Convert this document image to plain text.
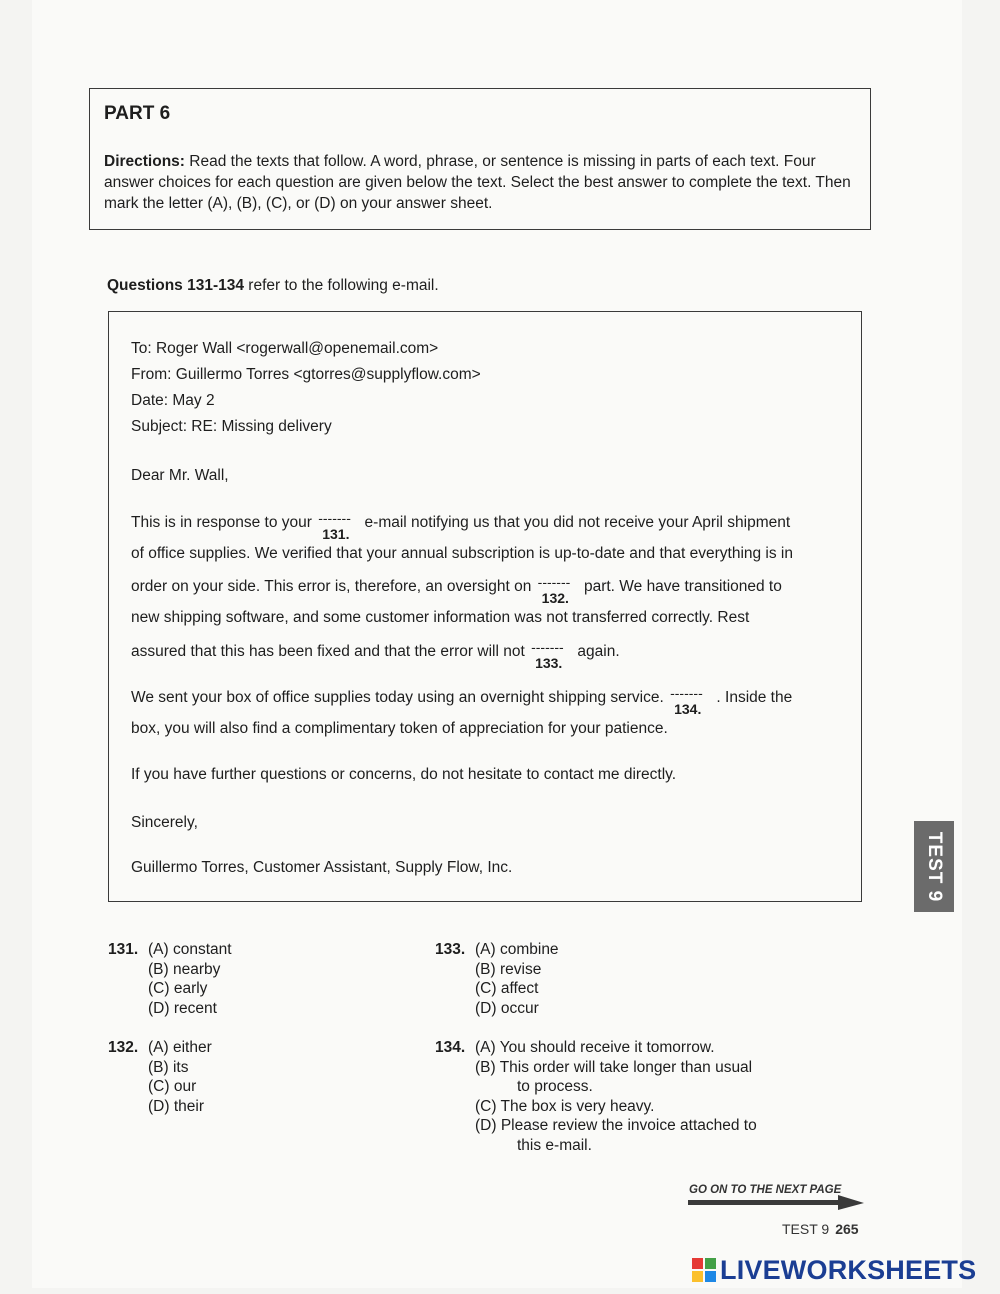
PART 6
Directions: Read the texts that follow. A word, phrase, or sentence is missing in parts of each text. Four answer choices for each question are given below the text. Select the best answer to complete the text. Then mark the letter (A), (B), (C), or (D) on your answer sheet.
Questions 131-134 refer to the following e-mail.
To: Roger Wall <rogerwall@openemail.com>
From: Guillermo Torres <gtorres@supplyflow.com>
Date: May 2
Subject: RE: Missing delivery
Dear Mr. Wall,
This is in response to your -------
131.
e-mail notifying us that you did not receive your April shipment
of office supplies. We verified that your annual subscription is up-to-date and that everything is in
order on your side. This error is, therefore, an oversight on -------
132.
part. We have transitioned to
new shipping software, and some customer information was not transferred correctly. Rest
assured that this has been fixed and that the error will not -------
133.
again.
We sent your box of office supplies today using an overnight shipping service. -------
134.
. Inside the
box, you will also find a complimentary token of appreciation for your patience.
If you have further questions or concerns, do not hesitate to contact me directly.
Sincerely,
Guillermo Torres, Customer Assistant, Supply Flow, Inc.
131. (A) constant
(B) nearby
(C) early
(D) recent
132. (A) either
(B) its
(C) our
(D) their
133. (A) combine
(B) revise
(C) affect
(D) occur
134. (A) You should receive it tomorrow.
(B) This order will take longer than usual
to process.
(C) The box is very heavy.
(D) Please review the invoice attached to
this e-mail.
TEST 9
GO ON TO THE NEXT PAGE
TEST 9 265
LIVEWORKSHEETS
